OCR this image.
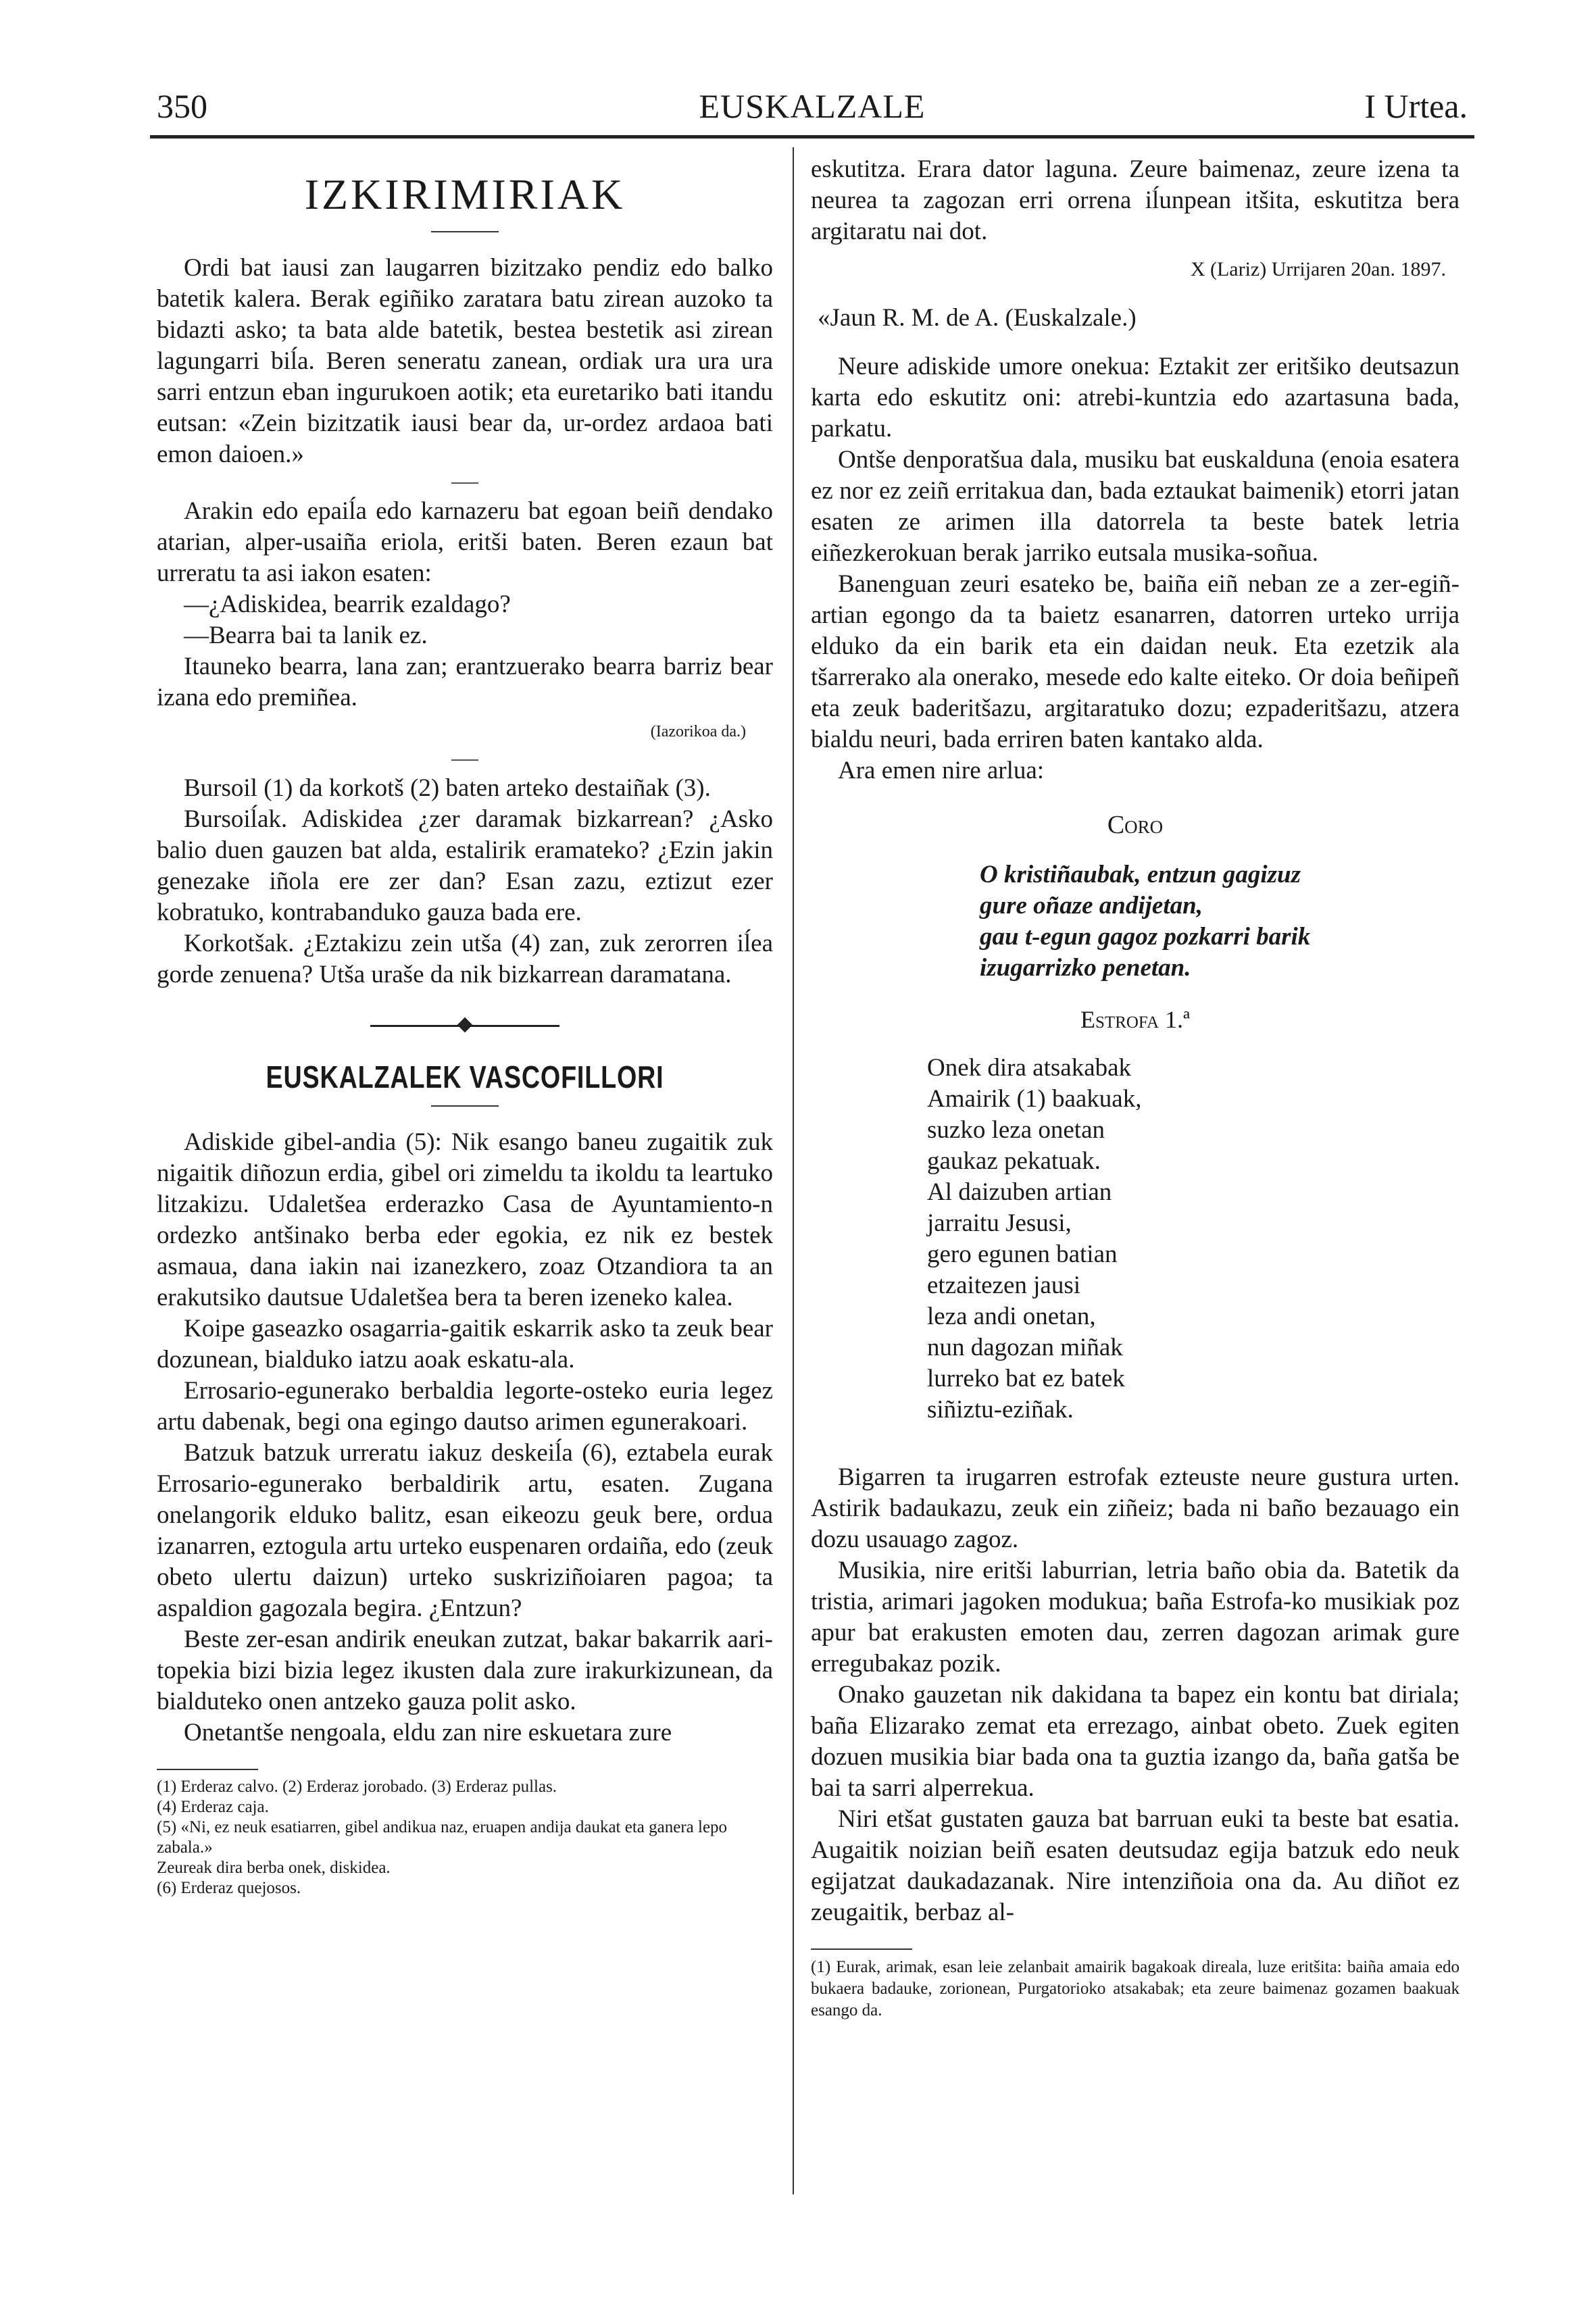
350	EUSKALZALE	I Urtea.
IZKIRIMIRIAK

Ordi bat iausi zan laugarren bizitzako pendiz edo balko batetik kalera. Berak egiñiko zaratara batu zirean auzoko ta bidazti asko; ta bata alde batetik, bestea bestetik asi zirean lagungarri biĺa. Beren seneratu zanean, ordiak ura ura ura sarri entzun eban ingurukoen aotik; eta euretariko bati itandu eutsan: «Zein bizitzatik iausi bear da, ur-ordez ardaoa bati emon daioen.»

Arakin edo epaiĺa edo karnazeru bat egoan beiñ dendako atarian, alper-usaiña eriola, eritši baten. Beren ezaun bat urreratu ta asi iakon esaten:

—¿Adiskidea, bearrik ezaldago?

—Bearra bai ta lanik ez.

Itauneko bearra, lana zan; erantzuerako bearra barriz bear izana edo premiñea.

(Iazorikoa da.)

Bursoil (1) da korkotš (2) baten arteko destaiñak (3).

Bursoiĺak. Adiskidea ¿zer daramak bizkarrean? ¿Asko balio duen gauzen bat alda, estalirik eramateko? ¿Ezin jakin genezake iñola ere zer dan? Esan zazu, eztizut ezer kobratuko, kontrabanduko gauza bada ere.

Korkotšak. ¿Eztakizu zein utša (4) zan, zuk zerorren iĺea gorde zenuena? Utša uraše da nik bizkarrean daramatana.

EUSKALZALEK VASCOFILLORI

Adiskide gibel-andia (5): Nik esango baneu zugaitik zuk nigaitik diñozun erdia, gibel ori zimeldu ta ikoldu ta leartuko litzakizu. Udaletšea erderazko Casa de Ayuntamiento-n ordezko antšinako berba eder egokia, ez nik ez bestek asmaua, dana iakin nai izanezkero, zoaz Otzandiora ta an erakutsiko dautsue Udaletšea bera ta beren izeneko kalea.

Koipe gaseazko osagarria-gaitik eskarrik asko ta zeuk bear dozunean, bialduko iatzu aoak eskatu-ala.

Errosario-egunerako berbaldia legorte-osteko euria legez artu dabenak, begi ona egingo dautso arimen egunerakoari.

Batzuk batzuk urreratu iakuz deskeiĺa (6), eztabela eurak Errosario-egunerako berbaldirik artu, esaten. Zugana onelangorik elduko balitz, esan eikeozu geuk bere, ordua izanarren, eztogula artu urteko euspenaren ordaiña, edo (zeuk obeto ulertu daizun) urteko suskriziñoiaren pagoa; ta aspaldion gagozala begira. ¿Entzun?

Beste zer-esan andirik eneukan zutzat, bakar bakarrik aari-topekia bizi bizia legez ikusten dala zure irakurkizunean, da bialduteko onen antzeko gauza polit asko.

Onetantše nengoala, eldu zan nire eskuetara zure

(1) Erderaz calvo. (2) Erderaz jorobado. (3) Erderaz pullas.
(4) Erderaz caja.
(5) «Ni, ez neuk esatiarren, gibel andikua naz, eruapen andija daukat eta ganera lepo zabala.»
Zeureak dira berba onek, diskidea.
(6) Erderaz quejosos.

eskutitza. Erara dator laguna. Zeure baimenaz, zeure izena ta neurea ta zagozan erri orrena iĺunpean itšita, eskutitza bera argitaratu nai dot.

X (Lariz) Urrijaren 20an. 1897.
«Jaun R. M. de A. (Euskalzale.)

Neure adiskide umore onekua: Eztakit zer eritšiko deutsazun karta edo eskutitz oni: atrebi-kuntzia edo azartasuna bada, parkatu.

Ontše denporatšua dala, musiku bat euskalduna (enoia esatera ez nor ez zeiñ erritakua dan, bada eztaukat baimenik) etorri jatan esaten ze arimen illa datorrela ta beste batek letria eiñezkerokuan berak jarriko eutsala musika-soñua.

Banenguan zeuri esateko be, baiña eiñ neban ze a zer-egiñ-artian egongo da ta baietz esanarren, datorren urteko urrija elduko da ein barik eta ein daidan neuk. Eta ezetzik ala tšarrerako ala onerako, mesede edo kalte eiteko. Or doia beñipeñ eta zeuk baderitšazu, argitaratuko dozu; ezpaderitšazu, atzera bialdu neuri, bada erriren baten kantako alda.

Ara emen nire arlua:

Coro
O kristiñaubak, entzun gagizuz
gure oñaze andijetan,
gau t-egun gagoz pozkarri barik
izugarrizko penetan.
Estrofa 1.ª
Onek dira atsakabak
Amairik (1) baakuak,
suzko leza onetan
gaukaz pekatuak.
Al daizuben artian
jarraitu Jesusi,
gero egunen batian
etzaitezen jausi
leza andi onetan,
nun dagozan miñak
lurreko bat ez batek
siñiztu-eziñak.

Bigarren ta irugarren estrofak ezteuste neure gustura urten. Astirik badaukazu, zeuk ein ziñeiz; bada ni baño bezauago ein dozu usauago zagoz.

Musikia, nire eritši laburrian, letria baño obia da. Batetik da tristia, arimari jagoken modukua; baña Estrofa-ko musikiak poz apur bat erakusten emoten dau, zerren dagozan arimak gure erregubakaz pozik.

Onako gauzetan nik dakidana ta bapez ein kontu bat diriala; baña Elizarako zemat eta errezago, ainbat obeto. Zuek egiten dozuen musikia biar bada ona ta guztia izango da, baña gatša be bai ta sarri alperrekua.

Niri etšat gustaten gauza bat barruan euki ta beste bat esatia. Augaitik noizian beiñ esaten deutsudaz egija batzuk edo neuk egijatzat daukadazanak. Nire intenziñoia ona da. Au diñot ez zeugaitik, berbaz al-

(1) Eurak, arimak, esan leie zelanbait amairik bagakoak direala, luze eritšita: baiña amaia edo bukaera badauke, zorionean, Purgatorioko atsakabak; eta zeure baimenaz gozamen baakuak esango da.
